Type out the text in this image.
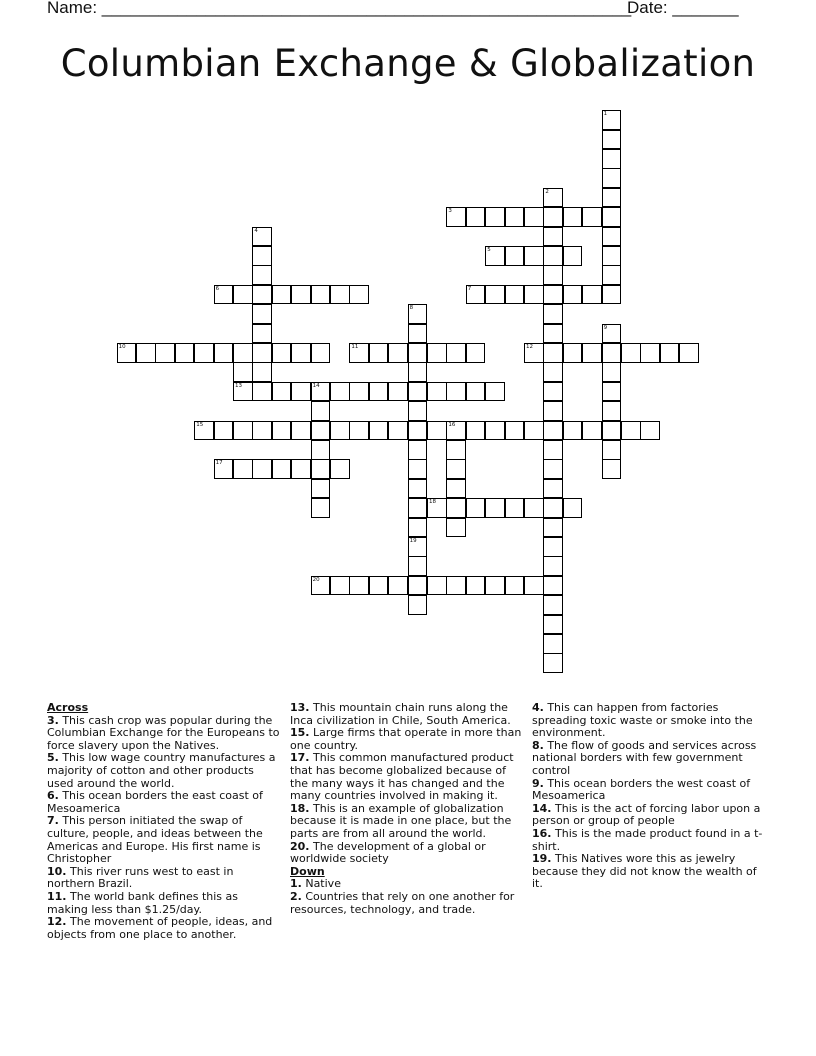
Name: ________________________________________________________
Date: _______
Columbian Exchange & Globalization
1
2
3
4
5
6	7
8
19
9
10	11	12
13	14
15	16
17
18
20
Across
3. This cash crop was popular during the Columbian Exchange for the Europeans to force slavery upon the Natives.
5. This low wage country manufactures a majority of cotton and other products used around the world.
6. This ocean borders the east coast of Mesoamerica
7. This person initiated the swap of culture, people, and ideas between the Americas and Europe. His first name is Christopher
10. This river runs west to east in northern Brazil.
11. The world bank defines this as making less than $1.25/day.
12. The movement of people, ideas, and objects from one place to another.
13. This mountain chain runs along the Inca civilization in Chile, South America.
15. Large firms that operate in more than one country.
17. This common manufactured product that has become globalized because of the many ways it has changed and the many countries involved in making it.
18. This is an example of globalization because it is made in one place, but the parts are from all around the world.
20. The development of a global or worldwide society
Down
1. Native
2. Countries that rely on one another for resources, technology, and trade.
4. This can happen from factories spreading toxic waste or smoke into the environment.
8. The flow of goods and services across national borders with few government control
9. This ocean borders the west coast of Mesoamerica
14. This is the act of forcing labor upon a person or group of people
16. This is the made product found in a t-shirt.
19. This Natives wore this as jewelry because they did not know the wealth of it.
